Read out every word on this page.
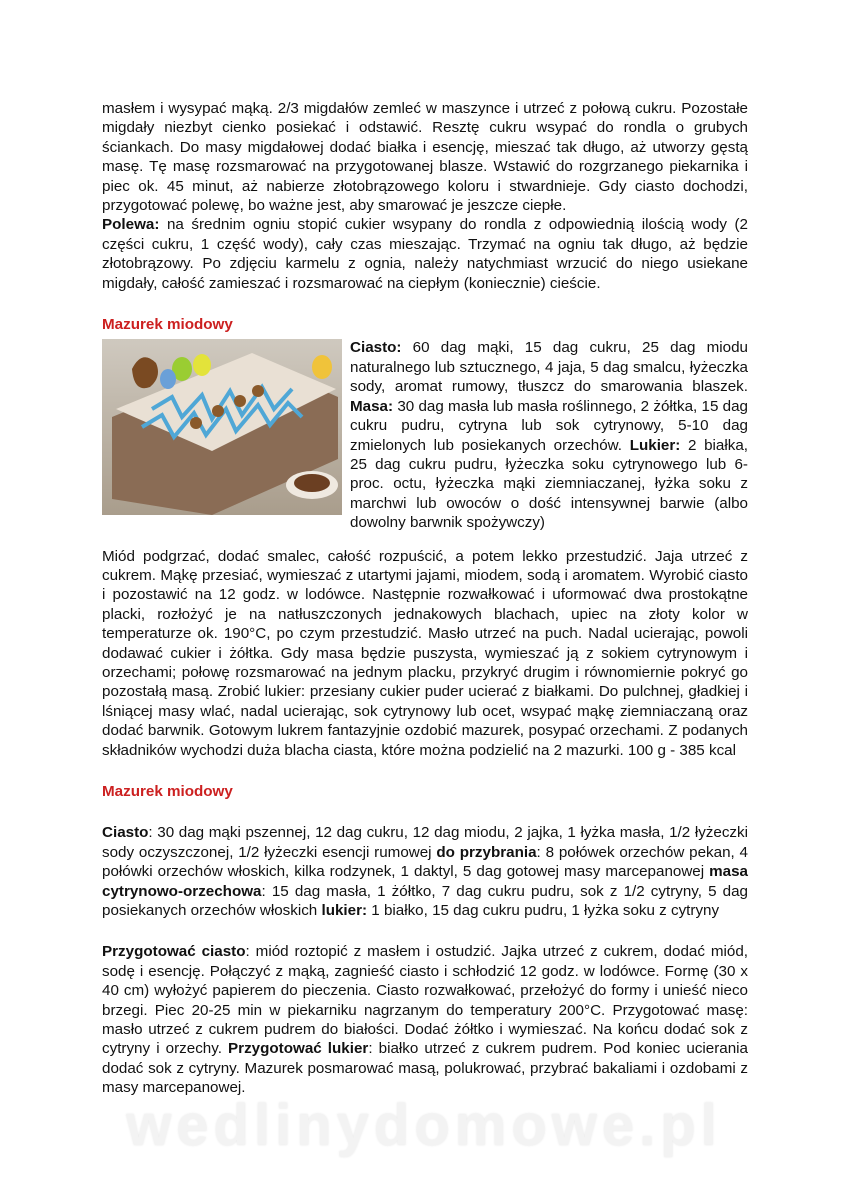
masłem i wysypać mąką. 2/3 migdałów zemleć w maszynce i utrzeć z połową cukru. Pozostałe migdały niezbyt cienko posiekać i odstawić. Resztę cukru wsypać do rondla o grubych ściankach. Do masy migdałowej dodać białka i esencję, mieszać tak długo, aż utworzy gęstą masę. Tę masę rozsmarować na przygotowanej blasze. Wstawić do rozgrzanego piekarnika i piec ok. 45 minut, aż nabierze złotobrązowego koloru i stwardnieje. Gdy ciasto dochodzi, przygotować polewę, bo ważne jest, aby smarować je jeszcze ciepłe.
Polewa: na średnim ogniu stopić cukier wsypany do rondla z odpowiednią ilością wody (2 części cukru, 1 część wody), cały czas mieszając. Trzymać na ogniu tak długo, aż będzie złotobrązowy. Po zdjęciu karmelu z ognia, należy natychmiast wrzucić do niego usiekane migdały, całość zamieszać i rozsmarować na ciepłym (koniecznie) cieście.

Mazurek miodowy

Ciasto: 60 dag mąki, 15 dag cukru, 25 dag miodu naturalnego lub sztucznego, 4 jaja, 5 dag smalcu, łyżeczka sody, aromat rumowy, tłuszcz do smarowania blaszek. Masa: 30 dag masła lub masła roślinnego, 2 żółtka, 15 dag cukru pudru, cytryna lub sok cytrynowy, 5-10 dag zmielonych lub posiekanych orzechów. Lukier: 2 białka, 25 dag cukru pudru, łyżeczka soku cytrynowego lub 6-proc. octu, łyżeczka mąki ziemniaczanej, łyżka soku z marchwi lub owoców o dość intensywnej barwie (albo dowolny barwnik spożywczy)

Miód podgrzać, dodać smalec, całość rozpuścić, a potem lekko przestudzić. Jaja utrzeć z cukrem. Mąkę przesiać, wymieszać z utartymi jajami, miodem, sodą i aromatem. Wyrobić ciasto i pozostawić na 12 godz. w lodówce. Następnie rozwałkować i uformować dwa prostokątne placki, rozłożyć je na natłuszczonych jednakowych blachach, upiec na złoty kolor w temperaturze ok. 190°C, po czym przestudzić. Masło utrzeć na puch. Nadal ucierając, powoli dodawać cukier i żółtka. Gdy masa będzie puszysta, wymieszać ją z sokiem cytrynowym i orzechami; połowę rozsmarować na jednym placku, przykryć drugim i równomiernie pokryć go pozostałą masą. Zrobić lukier: przesiany cukier puder ucierać z białkami. Do pulchnej, gładkiej i lśniącej masy wlać, nadal ucierając, sok cytrynowy lub ocet, wsypać mąkę ziemniaczaną oraz dodać barwnik. Gotowym lukrem fantazyjnie ozdobić mazurek, posypać orzechami. Z podanych składników wychodzi duża blacha ciasta, które można podzielić na 2 mazurki. 100 g - 385 kcal

Mazurek miodowy

Ciasto: 30 dag mąki pszennej, 12 dag cukru, 12 dag miodu, 2 jajka, 1 łyżka masła, 1/2 łyżeczki sody oczyszczonej, 1/2 łyżeczki esencji rumowej do przybrania: 8 połówek orzechów pekan, 4 połówki orzechów włoskich, kilka rodzynek, 1 daktyl, 5 dag gotowej masy marcepanowej masa cytrynowo-orzechowa: 15 dag masła, 1 żółtko, 7 dag cukru pudru, sok z 1/2 cytryny, 5 dag posiekanych orzechów włoskich lukier: 1 białko, 15 dag cukru pudru, 1 łyżka soku z cytryny

Przygotować ciasto: miód roztopić z masłem i ostudzić. Jajka utrzeć z cukrem, dodać miód, sodę i esencję. Połączyć z mąką, zagnieść ciasto i schłodzić 12 godz. w lodówce. Formę (30 x 40 cm) wyłożyć papierem do pieczenia. Ciasto rozwałkować, przełożyć do formy i unieść nieco brzegi. Piec 20-25 min w piekarniku nagrzanym do temperatury 200°C. Przygotować masę: masło utrzeć z cukrem pudrem do białości. Dodać żółtko i wymieszać. Na końcu dodać sok z cytryny i orzechy. Przygotować lukier: białko utrzeć z cukrem pudrem. Pod koniec ucierania dodać sok z cytryny. Mazurek posmarować masą, polukrować, przybrać bakaliami i ozdobami z masy marcepanowej.

wedlinydomowe.pl
